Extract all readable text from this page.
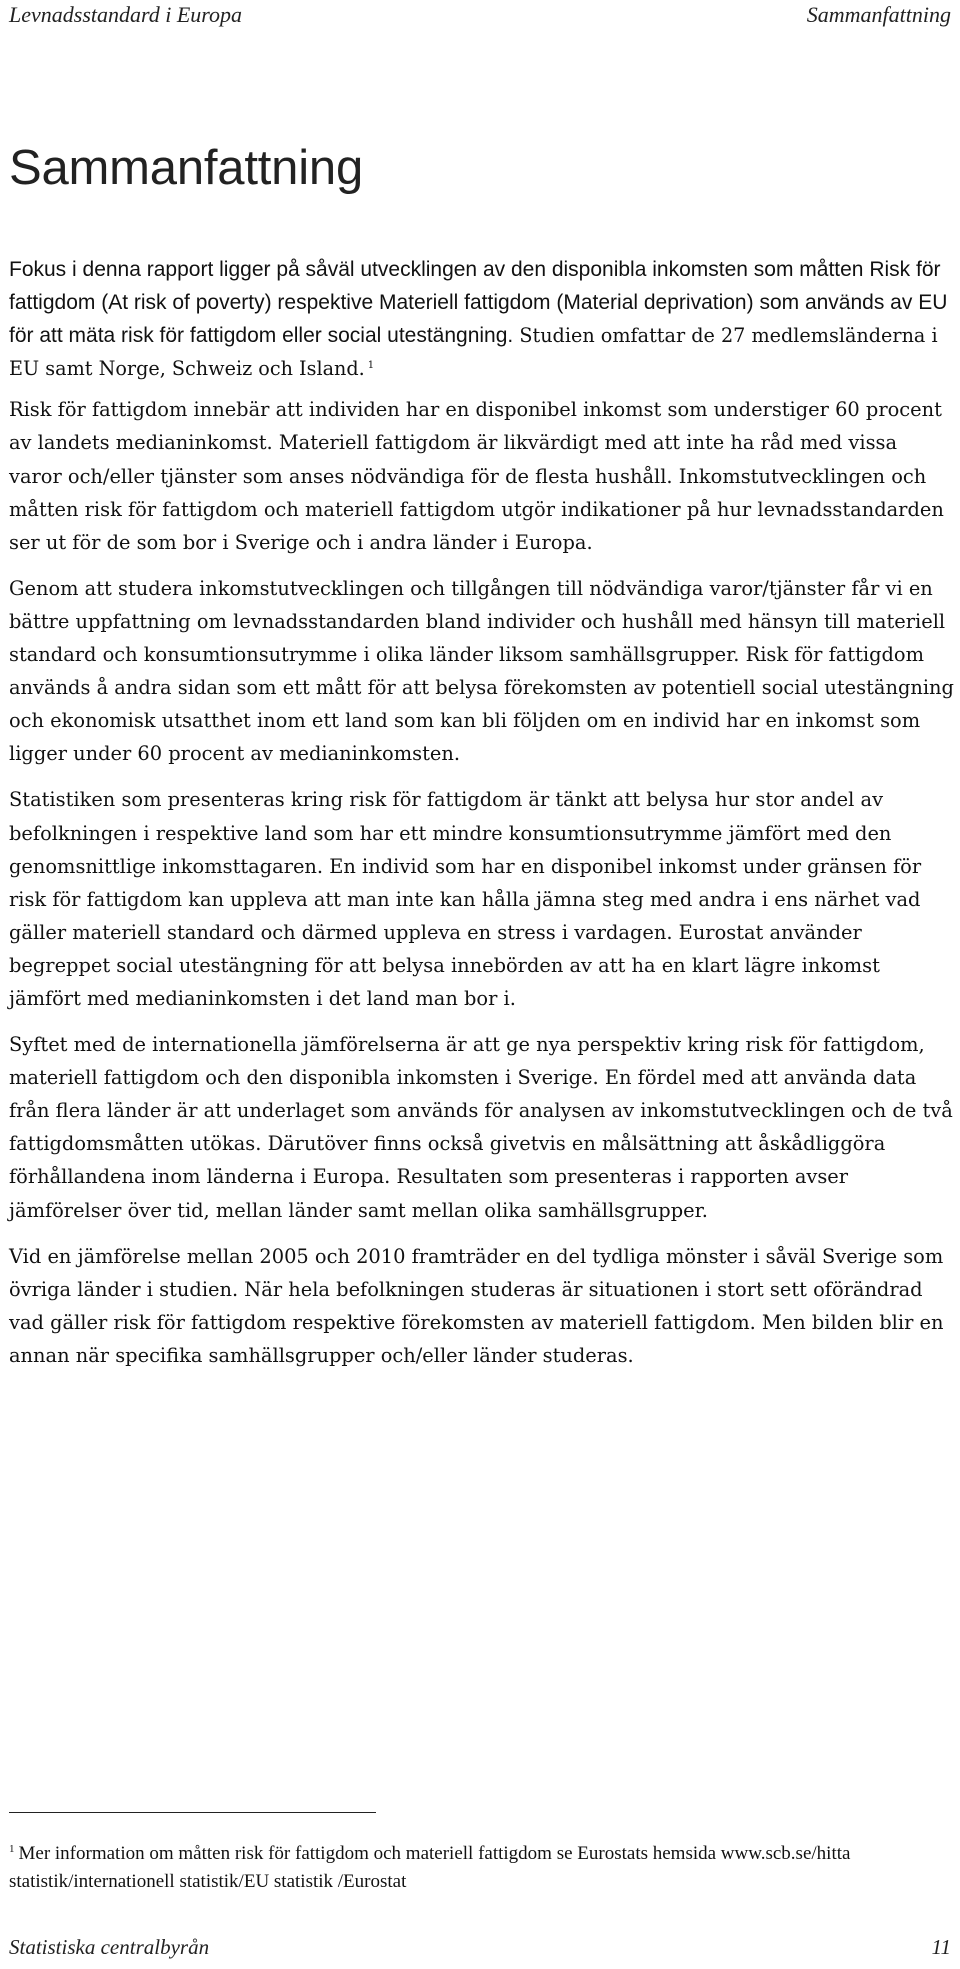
Levnadsstandard i Europa	Sammanfattning
Sammanfattning

Fokus i denna rapport ligger på såväl utvecklingen av den disponibla inkomsten som måtten Risk för fattigdom (At risk of poverty) respektive Materiell fattigdom (Material deprivation) som används av EU för att mäta risk för fattigdom eller social utestängning. Studien omfattar de 27 medlemsländerna i EU samt Norge, Schweiz och Island. $^1$

Risk för fattigdom innebär att individen har en disponibel inkomst som understiger 60 procent av landets medianinkomst. Materiell fattigdom är likvärdigt med att inte ha råd med vissa varor och/eller tjänster som anses nödvändiga för de flesta hushåll. Inkomstutvecklingen och måtten risk för fattigdom och materiell fattigdom utgör indikationer på hur levnadsstandarden ser ut för de som bor i Sverige och i andra länder i Europa.

Genom att studera inkomstutvecklingen och tillgången till nödvändiga varor/tjänster får vi en bättre uppfattning om levnadsstandarden bland individer och hushåll med hänsyn till materiell standard och konsumtionsutrymme i olika länder liksom samhällsgrupper. Risk för fattigdom används å andra sidan som ett mått för att belysa förekomsten av potentiell social utestängning och ekonomisk utsatthet inom ett land som kan bli följden om en individ har en inkomst som ligger under 60 procent av medianinkomsten.

Statistiken som presenteras kring risk för fattigdom är tänkt att belysa hur stor andel av befolkningen i respektive land som har ett mindre konsumtionsutrymme jämfört med den genomsnittlige inkomsttagaren. En individ som har en disponibel inkomst under gränsen för risk för fattigdom kan uppleva att man inte kan hålla jämna steg med andra i ens närhet vad gäller materiell standard och därmed uppleva en stress i vardagen. Eurostat använder begreppet social utestängning för att belysa innebörden av att ha en klart lägre inkomst jämfört med medianinkomsten i det land man bor i.

Syftet med de internationella jämförelserna är att ge nya perspektiv kring risk för fattigdom, materiell fattigdom och den disponibla inkomsten i Sverige. En fördel med att använda data från flera länder är att underlaget som används för analysen av inkomstutvecklingen och de två fattigdomsmåtten utökas. Därutöver finns också givetvis en målsättning att åskådliggöra förhållandena inom länderna i Europa. Resultaten som presenteras i rapporten avser jämförelser över tid, mellan länder samt mellan olika samhällsgrupper.

Vid en jämförelse mellan 2005 och 2010 framträder en del tydliga mönster i såväl Sverige som övriga länder i studien. När hela befolkningen studeras är situationen i stort sett oförändrad vad gäller risk för fattigdom respektive förekomsten av materiell fattigdom. Men bilden blir en annan när specifika samhällsgrupper och/eller länder studeras.

$^1$ Mer information om måtten risk för fattigdom och materiell fattigdom se Eurostats hemsida www.scb.se/hitta statistik/internationell statistik/EU statistik /Eurostat
Statistiska centralbyrån	11
